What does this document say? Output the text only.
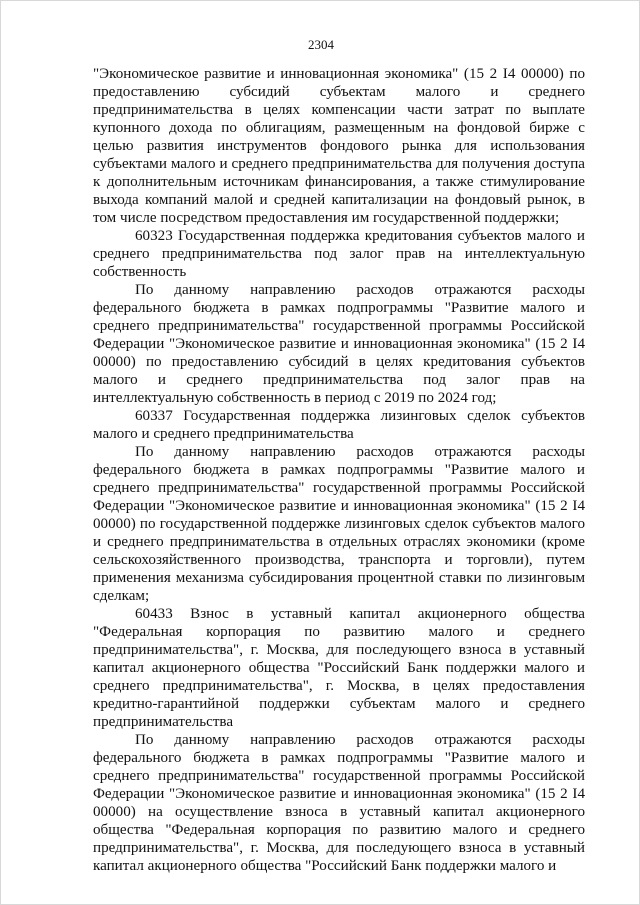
2304

"Экономическое развитие и инновационная экономика" (15 2 I4 00000) по предоставлению субсидий субъектам малого и среднего предпринимательства в целях компенсации части затрат по выплате купонного дохода по облигациям, размещенным на фондовой бирже с целью развития инструментов фондового рынка для использования субъектами малого и среднего предпринимательства для получения доступа к дополнительным источникам финансирования, а также стимулирование выхода компаний малой и средней капитализации на фондовый рынок, в том числе посредством предоставления им государственной поддержки;

60323 Государственная поддержка кредитования субъектов малого и среднего предпринимательства под залог прав на интеллектуальную собственность

По данному направлению расходов отражаются расходы федерального бюджета в рамках подпрограммы "Развитие малого и среднего предпринимательства" государственной программы Российской Федерации "Экономическое развитие и инновационная экономика" (15 2 I4 00000) по предоставлению субсидий в целях кредитования субъектов малого и среднего предпринимательства под залог прав на интеллектуальную собственность в период с 2019 по 2024 год;

60337 Государственная поддержка лизинговых сделок субъектов малого и среднего предпринимательства

По данному направлению расходов отражаются расходы федерального бюджета в рамках подпрограммы "Развитие малого и среднего предпринимательства" государственной программы Российской Федерации "Экономическое развитие и инновационная экономика" (15 2 I4 00000) по государственной поддержке лизинговых сделок субъектов малого и среднего предпринимательства в отдельных отраслях экономики (кроме сельскохозяйственного производства, транспорта и торговли), путем применения механизма субсидирования процентной ставки по лизинговым сделкам;

60433 Взнос в уставный капитал акционерного общества "Федеральная корпорация по развитию малого и среднего предпринимательства", г. Москва, для последующего взноса в уставный капитал акционерного общества "Российский Банк поддержки малого и среднего предпринимательства", г. Москва, в целях предоставления кредитно-гарантийной поддержки субъектам малого и среднего предпринимательства

По данному направлению расходов отражаются расходы федерального бюджета в рамках подпрограммы "Развитие малого и среднего предпринимательства" государственной программы Российской Федерации "Экономическое развитие и инновационная экономика" (15 2 I4 00000) на осуществление взноса в уставный капитал акционерного общества "Федеральная корпорация по развитию малого и среднего предпринимательства", г. Москва, для последующего взноса в уставный капитал акционерного общества "Российский Банк поддержки малого и
